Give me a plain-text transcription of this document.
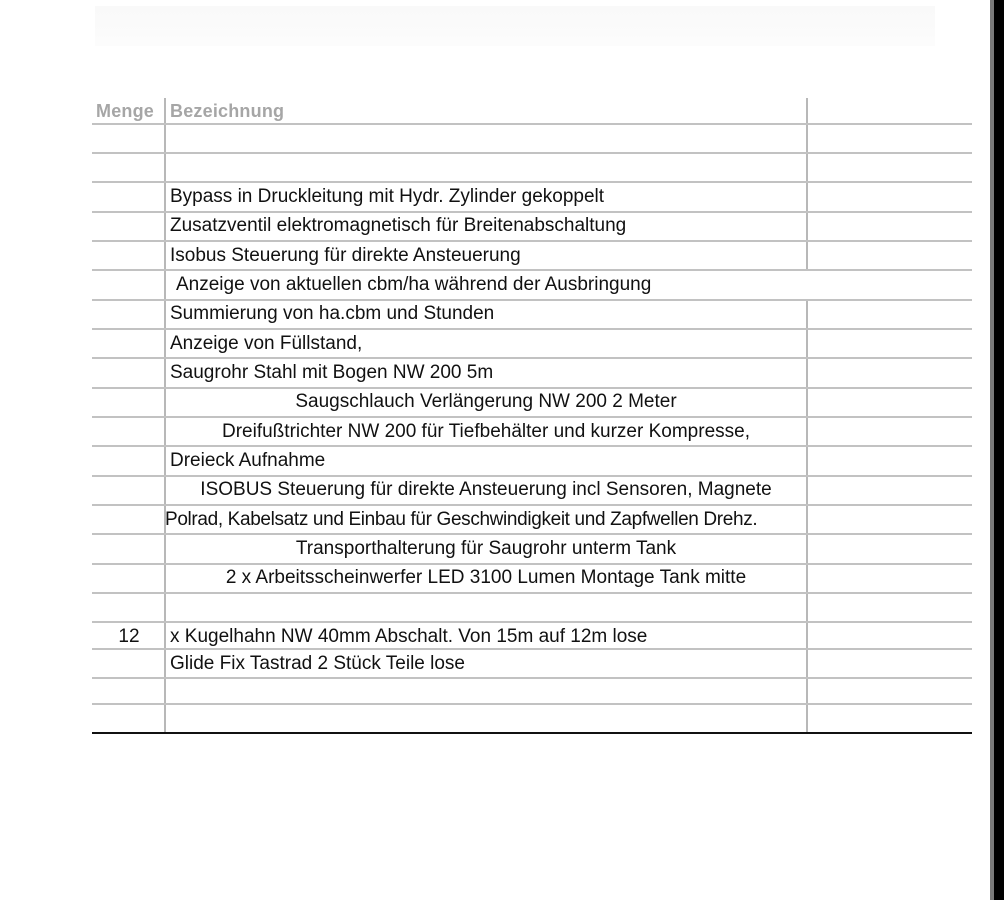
Menge Bezeichnung
Bypass in Druckleitung mit Hydr. Zylinder gekoppelt
Zusatzventil elektromagnetisch für Breitenabschaltung
Isobus Steuerung für direkte Ansteuerung
Anzeige von aktuellen cbm/ha während der Ausbringung
Summierung von ha.cbm und Stunden
Anzeige von Füllstand,
Saugrohr Stahl mit Bogen NW 200 5m
Saugschlauch Verlängerung NW 200 2 Meter
Dreifußtrichter NW 200 für Tiefbehälter und kurzer Kompresse,
Dreieck Aufnahme
ISOBUS Steuerung für direkte Ansteuerung incl Sensoren, Magnete
Polrad, Kabelsatz und Einbau für Geschwindigkeit und Zapfwellen Drehz.
Transporthalterung für Saugrohr unterm Tank
2 x Arbeitsscheinwerfer LED 3100 Lumen Montage Tank mitte
12	x Kugelhahn NW 40mm Abschalt. Von 15m auf 12m lose
Glide Fix Tastrad 2 Stück Teile lose
